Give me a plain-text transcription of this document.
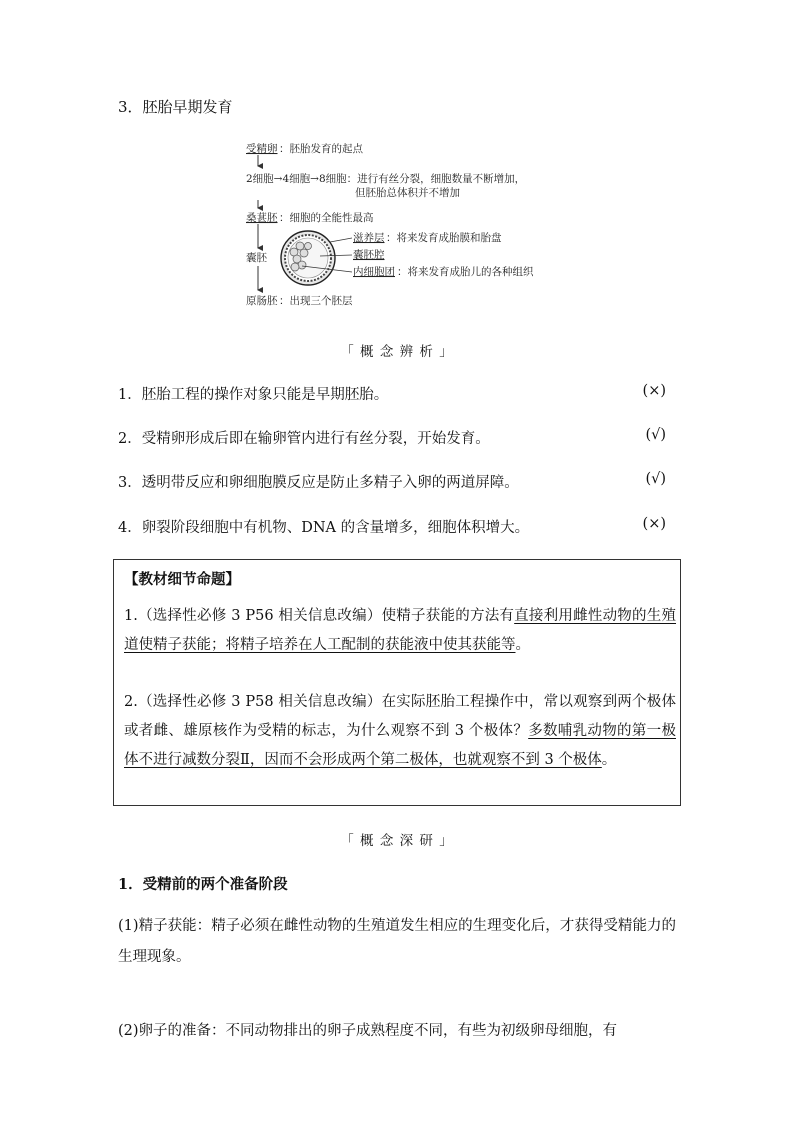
3．胚胎早期发育
受精卵 ：胚胎发育的起点
2细胞→4细胞→8细胞：进行有丝分裂，细胞数量不断增加，
但胚胎总体积并不增加
桑葚胚 ：细胞的全能性最高
囊胚
滋养层 ：将来发育成胎膜和胎盘
囊胚腔
内细胞团 ：将来发育成胎儿的各种组织
原肠胚 ：出现三个胚层
「 概 念 辨 析 」
1．胚胎工程的操作对象只能是早期胚胎。	(×)
2．受精卵形成后即在输卵管内进行有丝分裂，开始发育。	(√)
3．透明带反应和卵细胞膜反应是防止多精子入卵的两道屏障。	(√)
4．卵裂阶段细胞中有机物、DNA 的含量增多，细胞体积增大。	(×)
【教材细节命题】
1.（选择性必修 3 P56 相关信息改编）使精子获能的方法有直接利用雌性动物的生殖道使精子获能；将精子培养在人工配制的获能液中使其获能等。
2.（选择性必修 3 P58 相关信息改编）在实际胚胎工程操作中，常以观察到两个极体或者雌、雄原核作为受精的标志，为什么观察不到 3 个极体？多数哺乳动物的第一极体不进行减数分裂Ⅱ，因而不会形成两个第二极体，也就观察不到 3 个极体。
「 概 念 深 研 」
1．受精前的两个准备阶段
(1)精子获能：精子必须在雌性动物的生殖道发生相应的生理变化后，才获得受精能力的生理现象。
(2)卵子的准备：不同动物排出的卵子成熟程度不同，有些为初级卵母细胞，有
